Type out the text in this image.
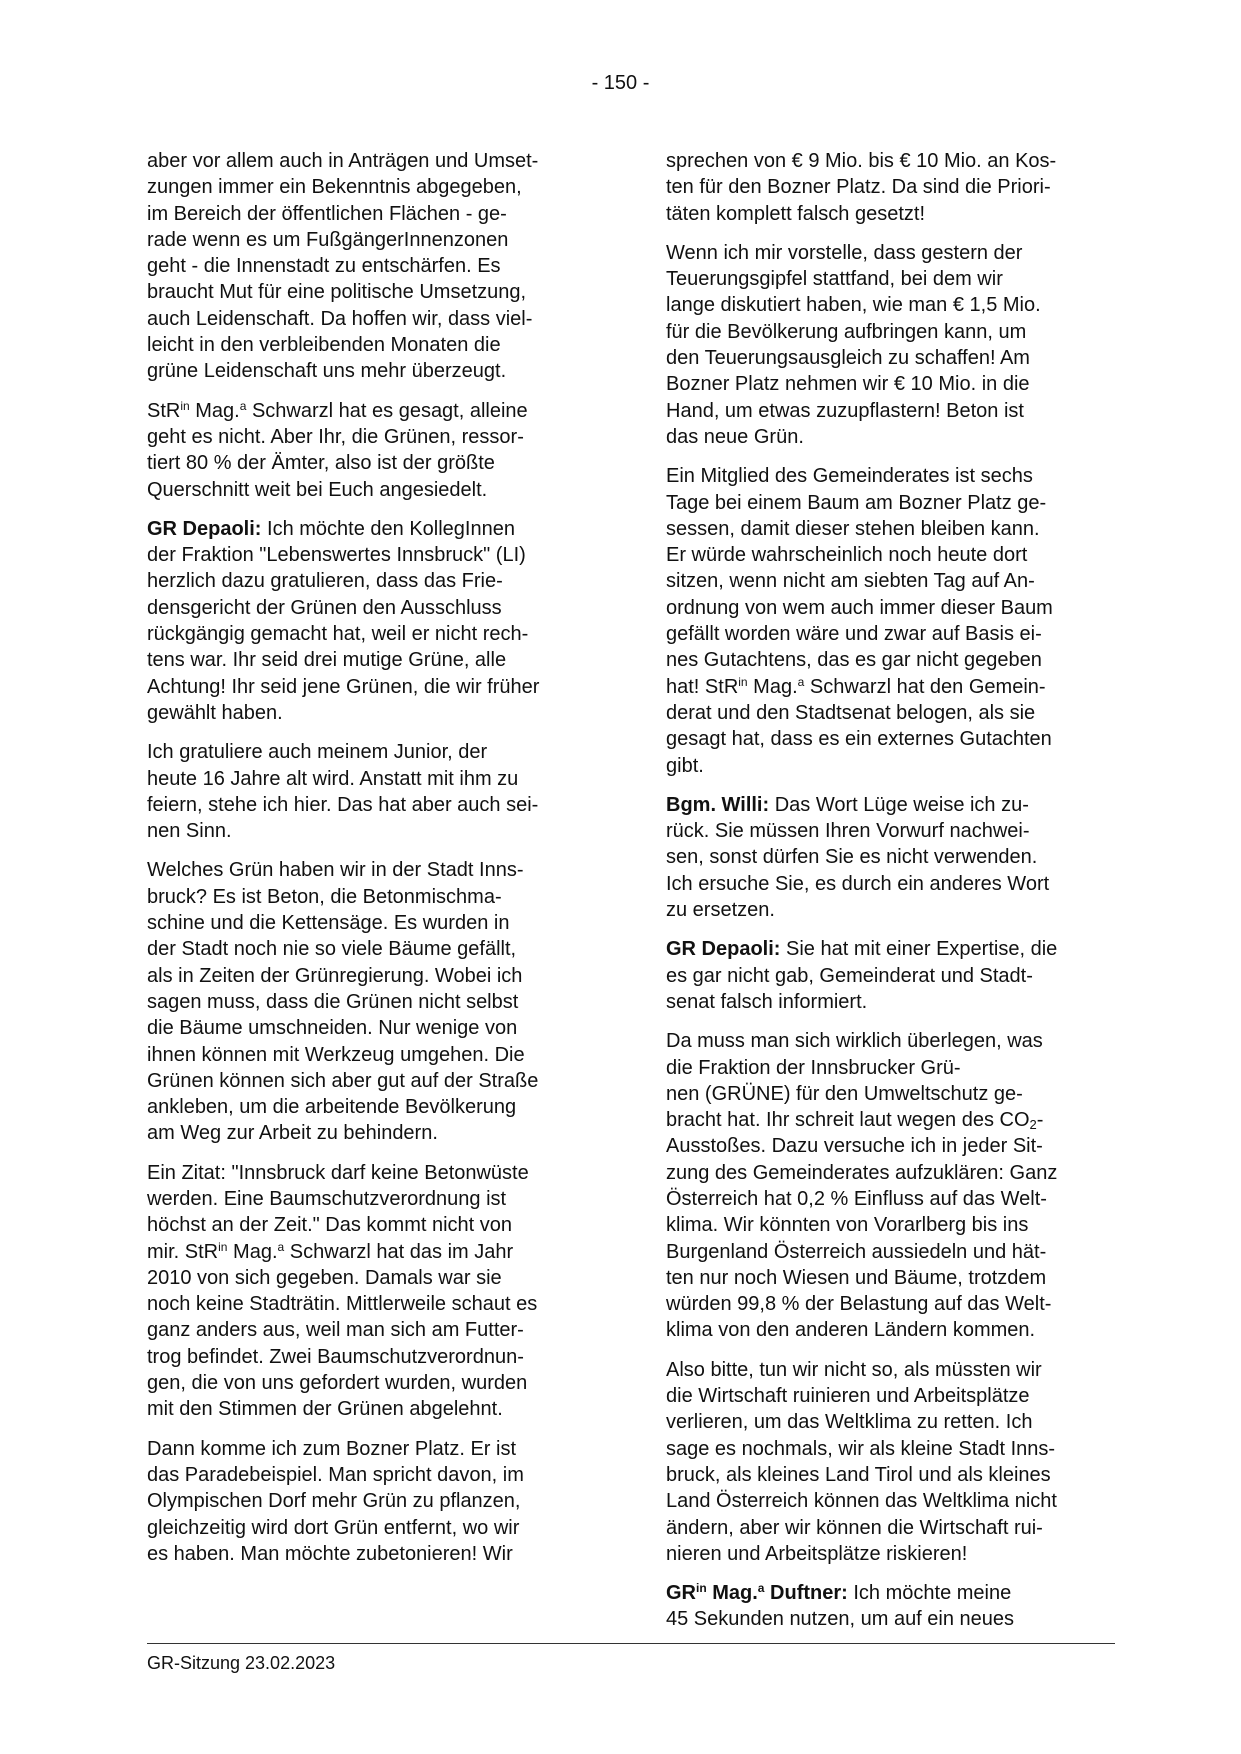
- 150 -

aber vor allem auch in Anträgen und Umset-
zungen immer ein Bekenntnis abgegeben,
im Bereich der öffentlichen Flächen - ge-
rade wenn es um FußgängerInnenzonen
geht - die Innenstadt zu entschärfen. Es
braucht Mut für eine politische Umsetzung,
auch Leidenschaft. Da hoffen wir, dass viel-
leicht in den verbleibenden Monaten die
grüne Leidenschaft uns mehr überzeugt.

StR$^{in}$ Mag.$^a$ Schwarzl hat es gesagt, alleine
geht es nicht. Aber Ihr, die Grünen, ressor-
tiert 80 % der Ämter, also ist der größte
Querschnitt weit bei Euch angesiedelt.

GR Depaoli: Ich möchte den KollegInnen
der Fraktion "Lebenswertes Innsbruck" (LI)
herzlich dazu gratulieren, dass das Frie-
densgericht der Grünen den Ausschluss
rückgängig gemacht hat, weil er nicht rech-
tens war. Ihr seid drei mutige Grüne, alle
Achtung! Ihr seid jene Grünen, die wir früher
gewählt haben.

Ich gratuliere auch meinem Junior, der
heute 16 Jahre alt wird. Anstatt mit ihm zu
feiern, stehe ich hier. Das hat aber auch sei-
nen Sinn.

Welches Grün haben wir in der Stadt Inns-
bruck? Es ist Beton, die Betonmischma-
schine und die Kettensäge. Es wurden in
der Stadt noch nie so viele Bäume gefällt,
als in Zeiten der Grünregierung. Wobei ich
sagen muss, dass die Grünen nicht selbst
die Bäume umschneiden. Nur wenige von
ihnen können mit Werkzeug umgehen. Die
Grünen können sich aber gut auf der Straße
ankleben, um die arbeitende Bevölkerung
am Weg zur Arbeit zu behindern.

Ein Zitat: "Innsbruck darf keine Betonwüste
werden. Eine Baumschutzverordnung ist
höchst an der Zeit." Das kommt nicht von
mir. StR$^{in}$ Mag.$^a$ Schwarzl hat das im Jahr
2010 von sich gegeben. Damals war sie
noch keine Stadträtin. Mittlerweile schaut es
ganz anders aus, weil man sich am Futter-
trog befindet. Zwei Baumschutzverordnun-
gen, die von uns gefordert wurden, wurden
mit den Stimmen der Grünen abgelehnt.

Dann komme ich zum Bozner Platz. Er ist
das Paradebeispiel. Man spricht davon, im
Olympischen Dorf mehr Grün zu pflanzen,
gleichzeitig wird dort Grün entfernt, wo wir
es haben. Man möchte zubetonieren! Wir

sprechen von € 9 Mio. bis € 10 Mio. an Kos-
ten für den Bozner Platz. Da sind die Priori-
täten komplett falsch gesetzt!

Wenn ich mir vorstelle, dass gestern der
Teuerungsgipfel stattfand, bei dem wir
lange diskutiert haben, wie man € 1,5 Mio.
für die Bevölkerung aufbringen kann, um
den Teuerungsausgleich zu schaffen! Am
Bozner Platz nehmen wir € 10 Mio. in die
Hand, um etwas zuzupflastern! Beton ist
das neue Grün.

Ein Mitglied des Gemeinderates ist sechs
Tage bei einem Baum am Bozner Platz ge-
sessen, damit dieser stehen bleiben kann.
Er würde wahrscheinlich noch heute dort
sitzen, wenn nicht am siebten Tag auf An-
ordnung von wem auch immer dieser Baum
gefällt worden wäre und zwar auf Basis ei-
nes Gutachtens, das es gar nicht gegeben
hat! StR$^{in}$ Mag.$^a$ Schwarzl hat den Gemein-
derat und den Stadtsenat belogen, als sie
gesagt hat, dass es ein externes Gutachten
gibt.

Bgm. Willi: Das Wort Lüge weise ich zu-
rück. Sie müssen Ihren Vorwurf nachwei-
sen, sonst dürfen Sie es nicht verwenden.
Ich ersuche Sie, es durch ein anderes Wort
zu ersetzen.

GR Depaoli: Sie hat mit einer Expertise, die
es gar nicht gab, Gemeinderat und Stadt-
senat falsch informiert.

Da muss man sich wirklich überlegen, was
die Fraktion der Innsbrucker Grü-
nen (GRÜNE) für den Umweltschutz ge-
bracht hat. Ihr schreit laut wegen des $CO_2-$
Ausstoßes. Dazu versuche ich in jeder Sit-
zung des Gemeinderates aufzuklären: Ganz
Österreich hat 0,2 % Einfluss auf das Welt-
klima. Wir könnten von Vorarlberg bis ins
Burgenland Österreich aussiedeln und hät-
ten nur noch Wiesen und Bäume, trotzdem
würden 99,8 % der Belastung auf das Welt-
klima von den anderen Ländern kommen.

Also bitte, tun wir nicht so, als müssten wir
die Wirtschaft ruinieren und Arbeitsplätze
verlieren, um das Weltklima zu retten. Ich
sage es nochmals, wir als kleine Stadt Inns-
bruck, als kleines Land Tirol und als kleines
Land Österreich können das Weltklima nicht
ändern, aber wir können die Wirtschaft rui-
nieren und Arbeitsplätze riskieren!

$GR^{in}$ Mag.$^a$ Duftner: Ich möchte meine
45 Sekunden nutzen, um auf ein neues

GR-Sitzung 23.02.2023
